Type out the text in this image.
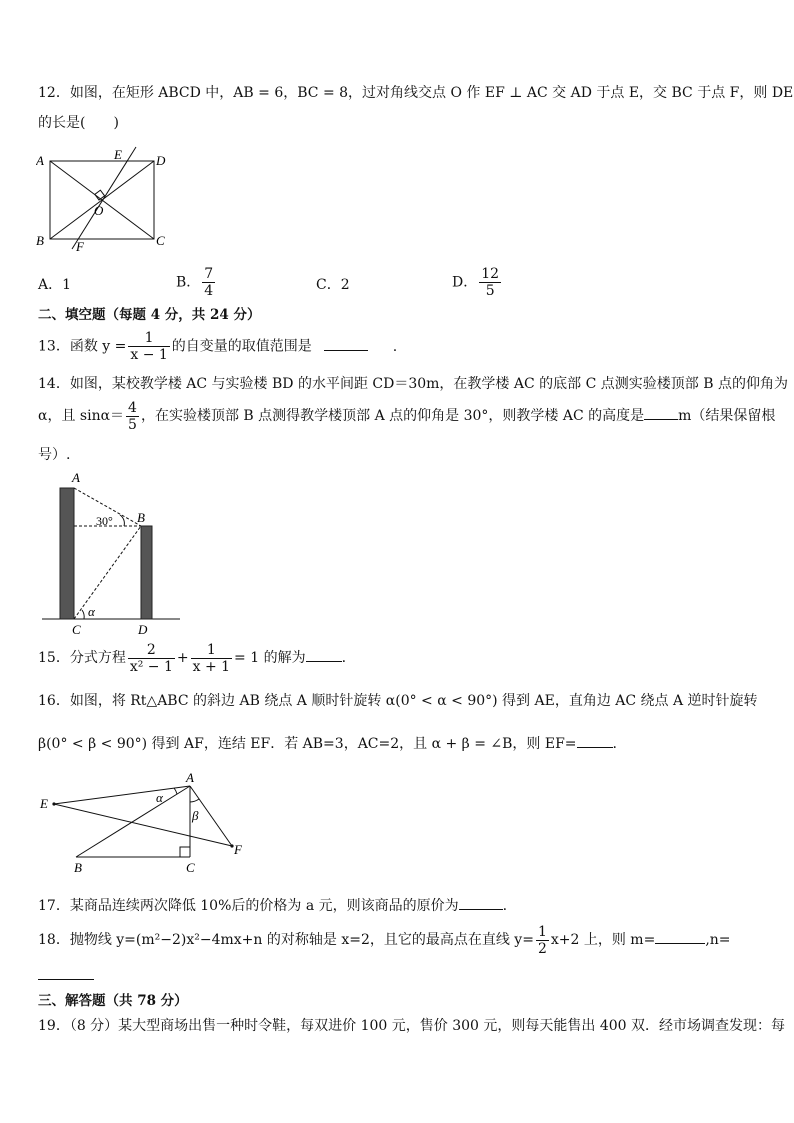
12．如图，在矩形 ABCD 中，AB = 6，BC = 8，过对角线交点 O 作 EF ⊥ AC 交 AD 于点 E，交 BC 于点 F，则 DE
的长是(　　)
A	D
B	C
E
F
O
A．1	B． $\frac{7}{4}$	C．2	D． $\frac{12}{5}$
二、填空题（每题 4 分，共 24 分）
13．函数 $y = \frac{1}{x - 1}$ 的自变量的取值范围是	.
14．如图，某校教学楼 AC 与实验楼 BD 的水平间距 CD＝30m，在教学楼 AC 的底部 C 点测实验楼顶部 B 点的仰角为
α，且 $\sin\alpha= \frac{4}{5}$ ，在实验楼顶部 B 点测得教学楼顶部 A 点的仰角是 30°，则教学楼 AC 的高度是 m（结果保留根
号）.
A
B
C	D
30°
α
15．分式方程 $\frac{2}{\text{x² − 1}} + \frac{1}{x + 1} = 1$ 的解为	.
16．如图，将 Rt△ABC 的斜边 AB 绕点 A 顺时针旋转 α(0° < α < 90°) 得到 AE，直角边 AC 绕点 A 逆时针旋转
β(0° < β < 90°) 得到 AF，连结 EF．若 AB=3，AC=2，且 α + β = ∠B，则 EF=	.
A
B	C
E
F
α
β
17．某商品连续两次降低 10%后的价格为 a 元，则该商品的原价为	.
18．抛物线 y=(m²−2)x²−4mx+n 的对称轴是 x=2，且它的最高点在直线 $y= \frac{1}{2} x+2$ 上，则 m=	,n=
三、解答题（共 78 分）
19．（8 分）某大型商场出售一种时令鞋，每双进价 100 元，售价 300 元，则每天能售出 400 双．经市场调查发现：每
